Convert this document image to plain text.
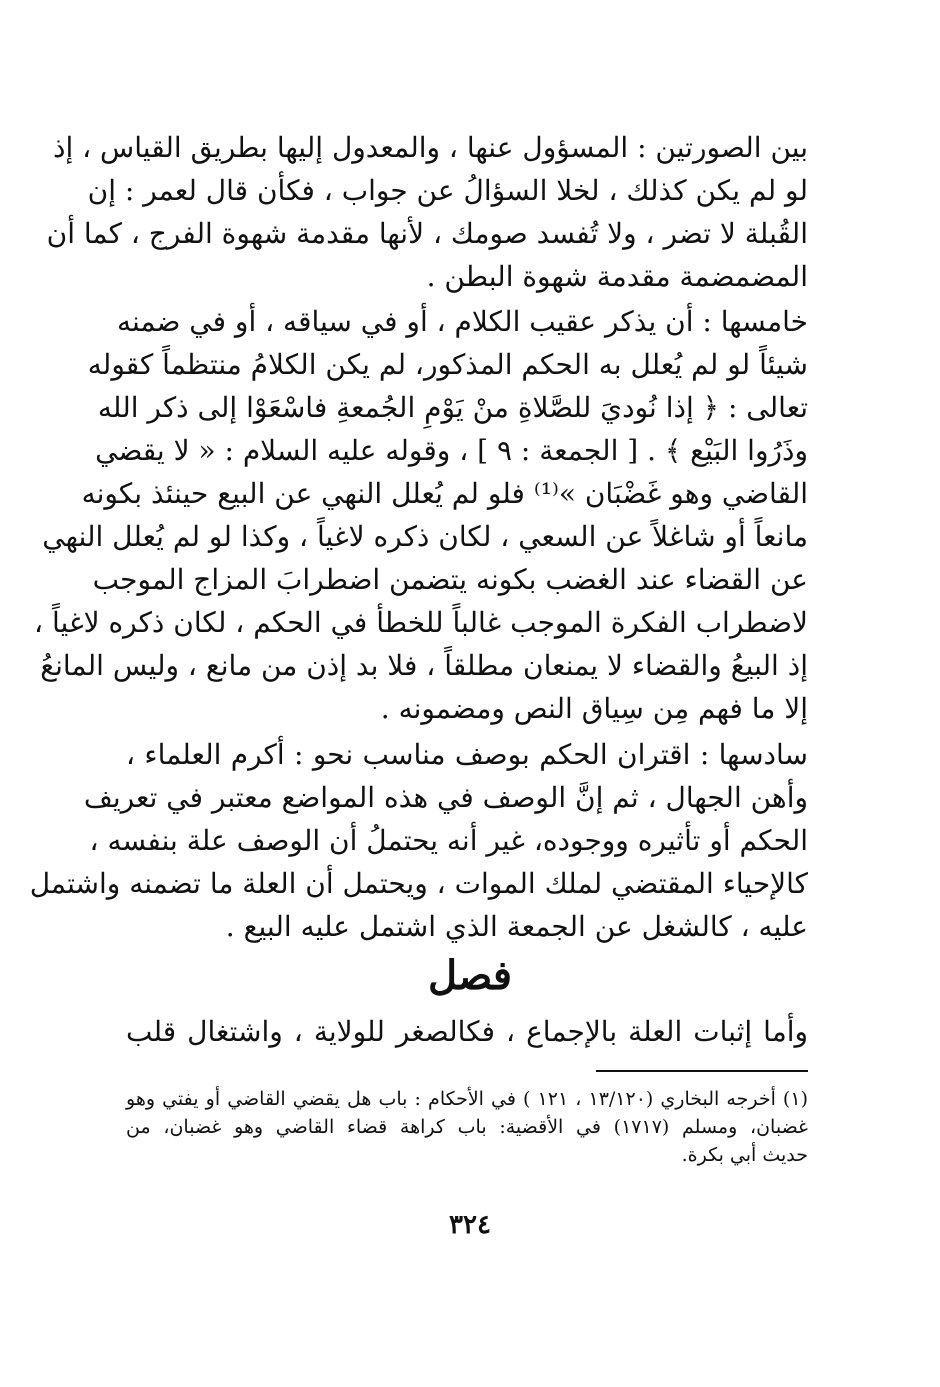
بين الصورتين : المسؤول عنها ، والمعدول إليها بطريق القياس ، إذ
لو لم يكن كذلك ، لخلا السؤالُ عن جواب ، فكأن قال لعمر : إن
القُبلة لا تضر ، ولا تُفسد صومك ، لأنها مقدمة شهوة الفرج ، كما أن
المضمضمة مقدمة شهوة البطن .
خامسها : أن يذكر عقيب الكلام ، أو في سياقه ، أو في ضمنه
شيئاً لو لم يُعلل به الحكم المذكور، لم يكن الكلامُ منتظماً كقوله
تعالى : ﴿ إذا نُوديَ للصَّلاةِ منْ يَوْمِ الجُمعةِ فاسْعَوْا إلى ذكر الله
وذَرُوا البَيْع ﴾ . [ الجمعة : ٩ ] ، وقوله عليه السلام : « لا يقضي
القاضي وهو غَضْبَان »⁽¹⁾ فلو لم يُعلل النهي عن البيع حينئذ بكونه
مانعاً أو شاغلاً عن السعي ، لكان ذكره لاغياً ، وكذا لو لم يُعلل النهي
عن القضاء عند الغضب بكونه يتضمن اضطرابَ المزاج الموجب
لاضطراب الفكرة الموجب غالباً للخطأ في الحكم ، لكان ذكره لاغياً ،
إذ البيعُ والقضاء لا يمنعان مطلقاً ، فلا بد إذن من مانع ، وليس المانعُ
إلا ما فهم مِن سِياق النص ومضمونه .
سادسها : اقتران الحكم بوصف مناسب نحو : أكرم العلماء ،
وأهن الجهال ، ثم إنَّ الوصف في هذه المواضع معتبر في تعريف
الحكم أو تأثيره ووجوده، غير أنه يحتملُ أن الوصف علة بنفسه ،
كالإحياء المقتضي لملك الموات ، ويحتمل أن العلة ما تضمنه واشتمل
عليه ، كالشغل عن الجمعة الذي اشتمل عليه البيع .
فصل
وأما إثبات العلة بالإجماع ، فكالصغر للولاية ، واشتغال قلب
(١) أخرجه البخاري (١٣/١٢٠ ، ١٢١ ) في الأحكام : باب هل يقضي القاضي أو يفتي وهو
غضبان، ومسلم (١٧١٧) في الأقضية: باب كراهة قضاء القاضي وهو غضبان، من
حديث أبي بكرة.
٣٢٤
